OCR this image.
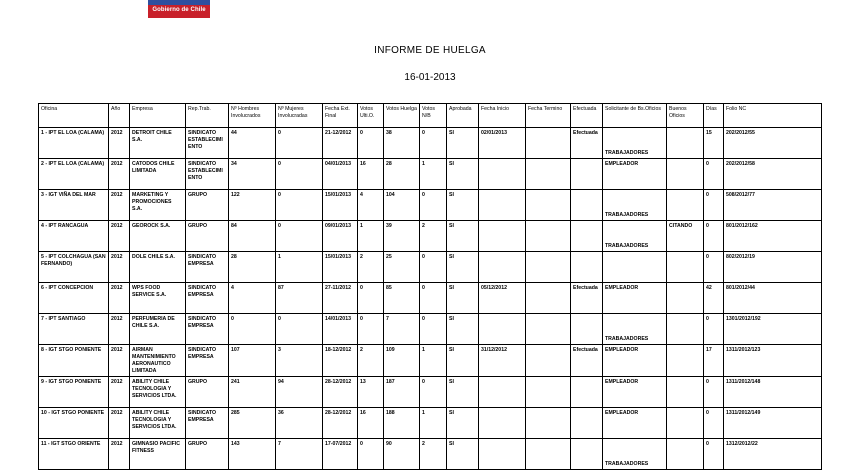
Gobierno de Chile
INFORME DE HUELGA
16-01-2013
Oficina	Año	Empresa	Rep.Trab.	Nº Hombres Involucrados	Nº Mujeres Involucradas	Fecha Ext. Final	Votos Ulti.O.	Votos Huelga	Votos N/B	Aprobada	Fecha Inicio	Fecha Termino	Efectuada	Solicitante de Bs.Oficios	Buenos Oficios	Días	Folio NC
1 - IPT EL LOA (CALAMA)	2012	DETROIT CHILE S.A.	SINDICATO ESTABLECIMIENTO	44	0	21-12/2012	0	38	0	SI	02/01/2013		Efectuada	TRABAJADORES		15	202/2012/55
2 - IPT EL LOA (CALAMA)	2012	CATODOS CHILE LIMITADA	SINDICATO ESTABLECIMIENTO	34	0	04/01/2013	16	28	1	SI				EMPLEADOR		0	202/2012/58
3 - IGT VIÑA DEL MAR	2012	MARKETING Y PROMOCIONES S.A.	GRUPO	122	0	15/01/2013	4	104	0	SI				TRABAJADORES		0	508/2012/77
4 - IPT RANCAGUA	2012	GEOROCK S.A.	GRUPO	84	0	09/01/2013	1	39	2	SI				TRABAJADORES	CITANDO	0	801/2012/162
5 - IPT COLCHAGUA (SAN FERNANDO)	2012	DOLE CHILE S.A.	SINDICATO EMPRESA	28	1	15/01/2013	2	25	0	SI						0	802/2012/19
6 - IPT CONCEPCION	2012	WPS FOOD SERVICE S.A.	SINDICATO EMPRESA	4	87	27-11/2012	0	85	0	SI	05/12/2012		Efectuada	EMPLEADOR		42	801/2012/44
7 - IPT SANTIAGO	2012	PERFUMERIA DE CHILE S.A.	SINDICATO EMPRESA	0	0	14/01/2013	0	7	0	SI				TRABAJADORES		0	1301/2012/192
8 - IGT STGO PONIENTE	2012	AIRMAN MANTENIMIENTO AERONAUTICO LIMITADA	SINDICATO EMPRESA	107	3	18-12/2012	2	109	1	SI	31/12/2012		Efectuada	EMPLEADOR		17	1311/2012/123
9 - IGT STGO PONIENTE	2012	ABILITY CHILE TECNOLOGIA Y SERVICIOS LTDA.	GRUPO	241	94	28-12/2012	13	187	0	SI				EMPLEADOR		0	1311/2012/148
10 - IGT STGO PONIENTE	2012	ABILITY CHILE TECNOLOGIA Y SERVICIOS LTDA.	SINDICATO EMPRESA	285	36	28-12/2012	16	188	1	SI				EMPLEADOR		0	1311/2012/149
11 - IGT STGO ORIENTE	2012	GIMNASIO PACIFIC FITNESS	GRUPO	143	7	17-07/2012	0	90	2	SI				TRABAJADORES		0	1312/2012/22
